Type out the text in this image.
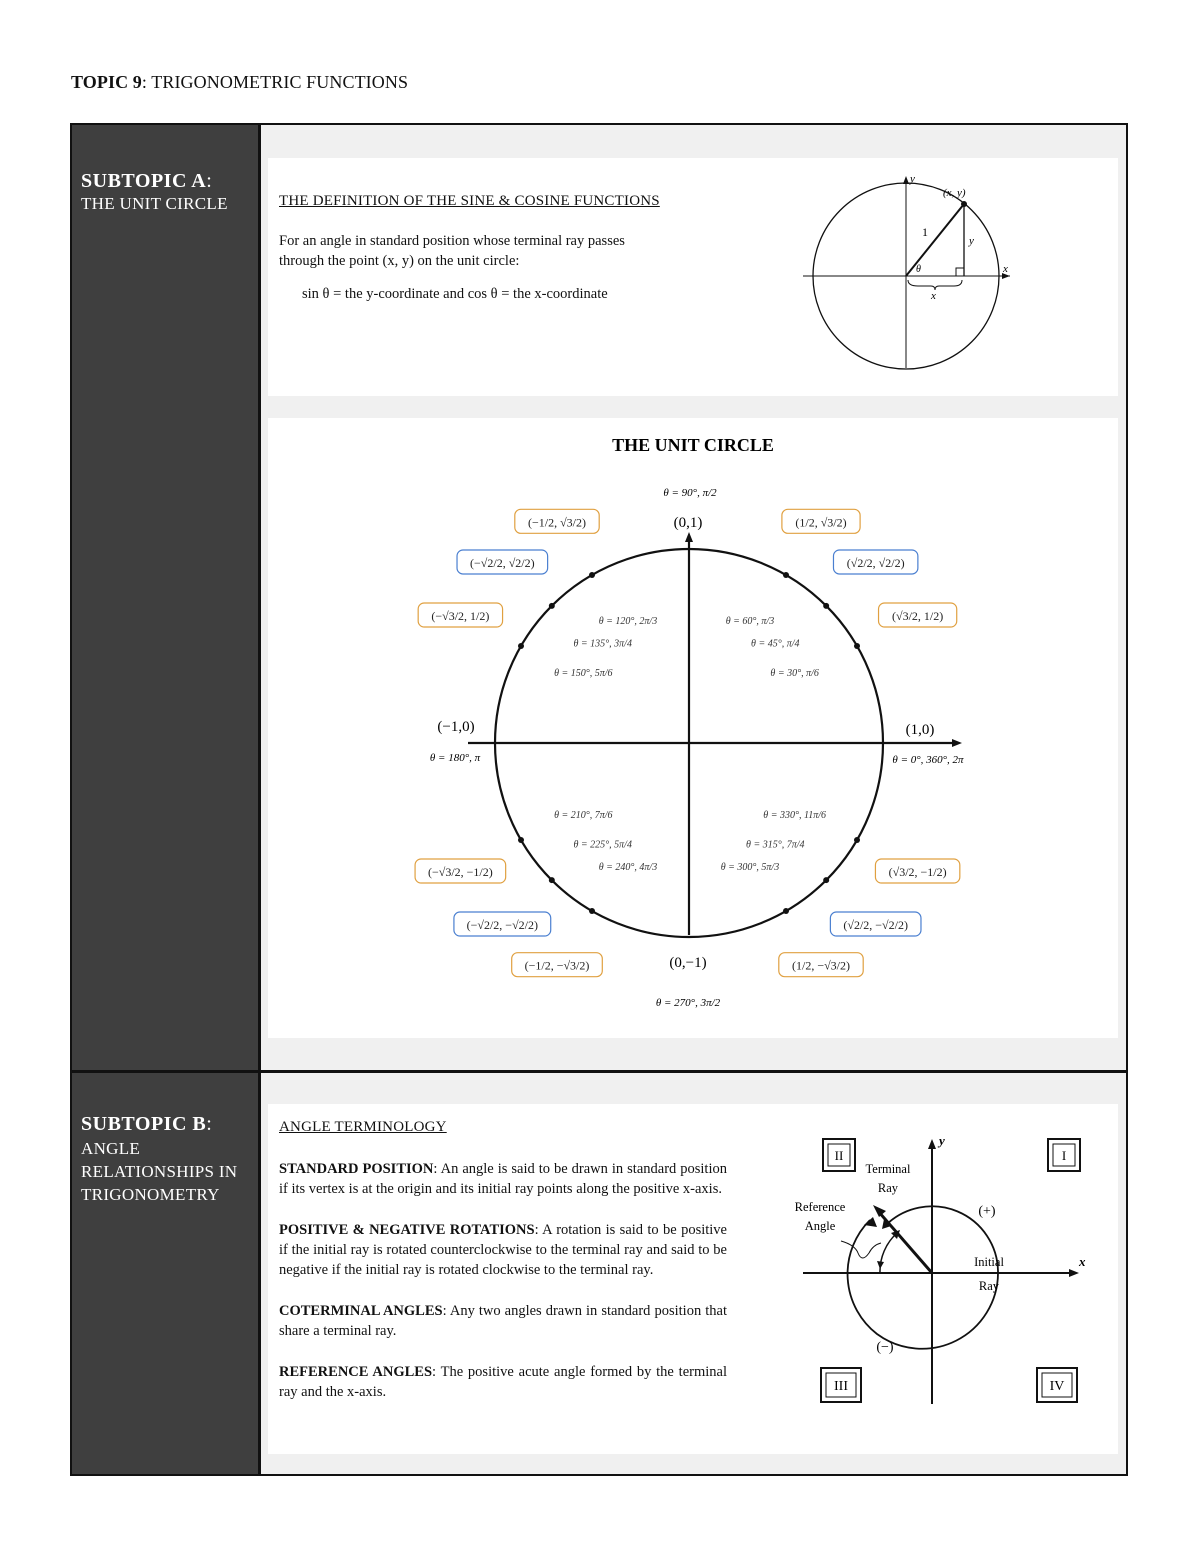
TOPIC 9: TRIGONOMETRIC FUNCTIONS
SUBTOPIC A:
THE UNIT CIRCLE	THE DEFINITION OF THE SINE & COSINE FUNCTIONS
For an angle in standard position whose terminal ray passes
through the point (x, y) on the unit circle:
sin θ = the y-coordinate and cos θ = the x-coordinate
y
x
(x, y)
1
y
x
θ
THE UNIT CIRCLE
(0,1)
θ = 90°, π/2
(1,0)
θ = 0°, 360°, 2π
(−1,0)
θ = 180°, π
(0,−1)
θ = 270°, 3π/2
(1/2, √3/2)
θ = 60°, π/3
(√2/2, √2/2)
θ = 45°, π/4
(√3/2, 1/2)
θ = 30°, π/6
(−1/2, √3/2)
θ = 120°, 2π/3
(−√2/2, √2/2)
θ = 135°, 3π/4
(−√3/2, 1/2)
θ = 150°, 5π/6
(−√3/2, −1/2)
θ = 210°, 7π/6
(−√2/2, −√2/2)
θ = 225°, 5π/4
(−1/2, −√3/2)
θ = 240°, 4π/3
(1/2, −√3/2)
θ = 300°, 5π/3
(√2/2, −√2/2)
θ = 315°, 7π/4
(√3/2, −1/2)
θ = 330°, 11π/6
SUBTOPIC B:
ANGLE
RELATIONSHIPS IN
TRIGONOMETRY
ANGLE TERMINOLOGY

STANDARD POSITION: An angle is said to be drawn in standard position if its vertex is at the origin and its initial ray points along the positive x-axis.

POSITIVE & NEGATIVE ROTATIONS: A rotation is said to be positive if the initial ray is rotated counterclockwise to the terminal ray and said to be negative if the initial ray is rotated clockwise to the terminal ray.

COTERMINAL ANGLES: Any two angles drawn in standard position that share a terminal ray.

REFERENCE ANGLES: The positive acute angle formed by the terminal ray and the x-axis.

II	I
III	IV
y
x
Terminal
Ray
Reference
Angle
Initial
Ray
(+)
(−)
